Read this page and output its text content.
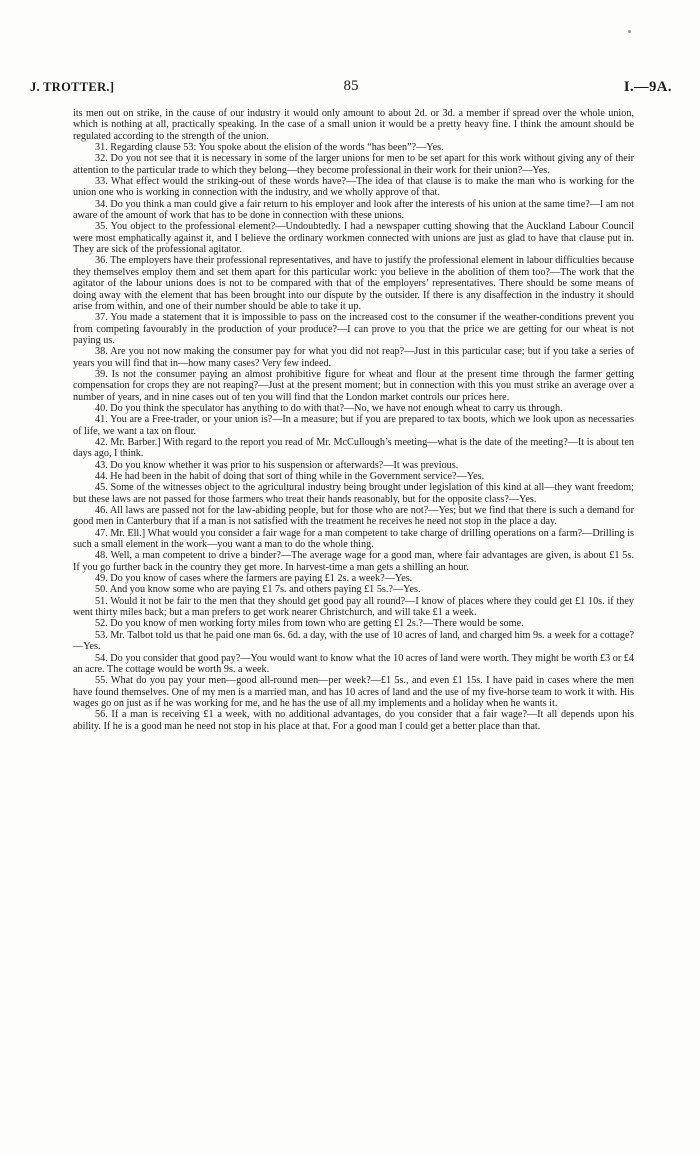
J. TROTTER.]	85	I.—9A.

its men out on strike, in the cause of our industry it would only amount to about 2d. or 3d. a member if spread over the whole union, which is nothing at all, practically speaking. In the case of a small union it would be a pretty heavy fine. I think the amount should be regulated according to the strength of the union.

31. Regarding clause 53: You spoke about the elision of the words “has been”?—Yes.

32. Do you not see that it is necessary in some of the larger unions for men to be set apart for this work without giving any of their attention to the particular trade to which they belong—they become professional in their work for their union?—Yes.

33. What effect would the striking-out of these words have?—The idea of that clause is to make the man who is working for the union one who is working in connection with the industry, and we wholly approve of that.

34. Do you think a man could give a fair return to his employer and look after the interests of his union at the same time?—I am not aware of the amount of work that has to be done in connection with these unions.

35. You object to the professional element?—Undoubtedly. I had a newspaper cutting showing that the Auckland Labour Council were most emphatically against it, and I believe the ordinary workmen connected with unions are just as glad to have that clause put in. They are sick of the professional agitator.

36. The employers have their professional representatives, and have to justify the professional element in labour difficulties because they themselves employ them and set them apart for this particular work: you believe in the abolition of them too?—The work that the agitator of the labour unions does is not to be compared with that of the employers’ representatives. There should be some means of doing away with the element that has been brought into our dispute by the outsider. If there is any disaffection in the industry it should arise from within, and one of their number should be able to take it up.

37. You made a statement that it is impossible to pass on the increased cost to the consumer if the weather-conditions prevent you from competing favourably in the production of your produce?—I can prove to you that the price we are getting for our wheat is not paying us.

38. Are you not now making the consumer pay for what you did not reap?—Just in this particular case; but if you take a series of years you will find that in—how many cases? Very few indeed.

39. Is not the consumer paying an almost prohibitive figure for wheat and flour at the present time through the farmer getting compensation for crops they are not reaping?—Just at the present moment; but in connection with this you must strike an average over a number of years, and in nine cases out of ten you will find that the London market controls our prices here.

40. Do you think the speculator has anything to do with that?—No, we have not enough wheat to carry us through.

41. You are a Free-trader, or your union is?—In a measure; but if you are prepared to tax boots, which we look upon as necessaries of life, we want a tax on flour.

42. Mr. Barber.] With regard to the report you read of Mr. McCullough’s meeting—what is the date of the meeting?—It is about ten days ago, I think.

43. Do you know whether it was prior to his suspension or afterwards?—It was previous.

44. He had been in the habit of doing that sort of thing while in the Government service?—Yes.

45. Some of the witnesses object to the agricultural industry being brought under legislation of this kind at all—they want freedom; but these laws are not passed for those farmers who treat their hands reasonably, but for the opposite class?—Yes.

46. All laws are passed not for the law-abiding people, but for those who are not?—Yes; but we find that there is such a demand for good men in Canterbury that if a man is not satisfied with the treatment he receives he need not stop in the place a day.

47. Mr. Ell.] What would you consider a fair wage for a man competent to take charge of drilling operations on a farm?—Drilling is such a small element in the work—you want a man to do the whole thing.

48. Well, a man competent to drive a binder?—The average wage for a good man, where fair advantages are given, is about £1 5s. If you go further back in the country they get more. In harvest-time a man gets a shilling an hour.

49. Do you know of cases where the farmers are paying £1 2s. a week?—Yes.

50. And you know some who are paying £1 7s. and others paying £1 5s.?—Yes.

51. Would it not be fair to the men that they should get good pay all round?—I know of places where they could get £1 10s. if they went thirty miles back; but a man prefers to get work nearer Christchurch, and will take £1 a week.

52. Do you know of men working forty miles from town who are getting £1 2s.?—There would be some.

53. Mr. Talbot told us that he paid one man 6s. 6d. a day, with the use of 10 acres of land, and charged him 9s. a week for a cottage?—Yes.

54. Do you consider that good pay?—You would want to know what the 10 acres of land were worth. They might be worth £3 or £4 an acre. The cottage would be worth 9s. a week.

55. What do you pay your men—good all-round men—per week?—£1 5s., and even £1 15s. I have paid in cases where the men have found themselves. One of my men is a married man, and has 10 acres of land and the use of my five-horse team to work it with. His wages go on just as if he was working for me, and he has the use of all my implements and a holiday when he wants it.

56. If a man is receiving £1 a week, with no additional advantages, do you consider that a fair wage?—It all depends upon his ability. If he is a good man he need not stop in his place at that. For a good man I could get a better place than that.
